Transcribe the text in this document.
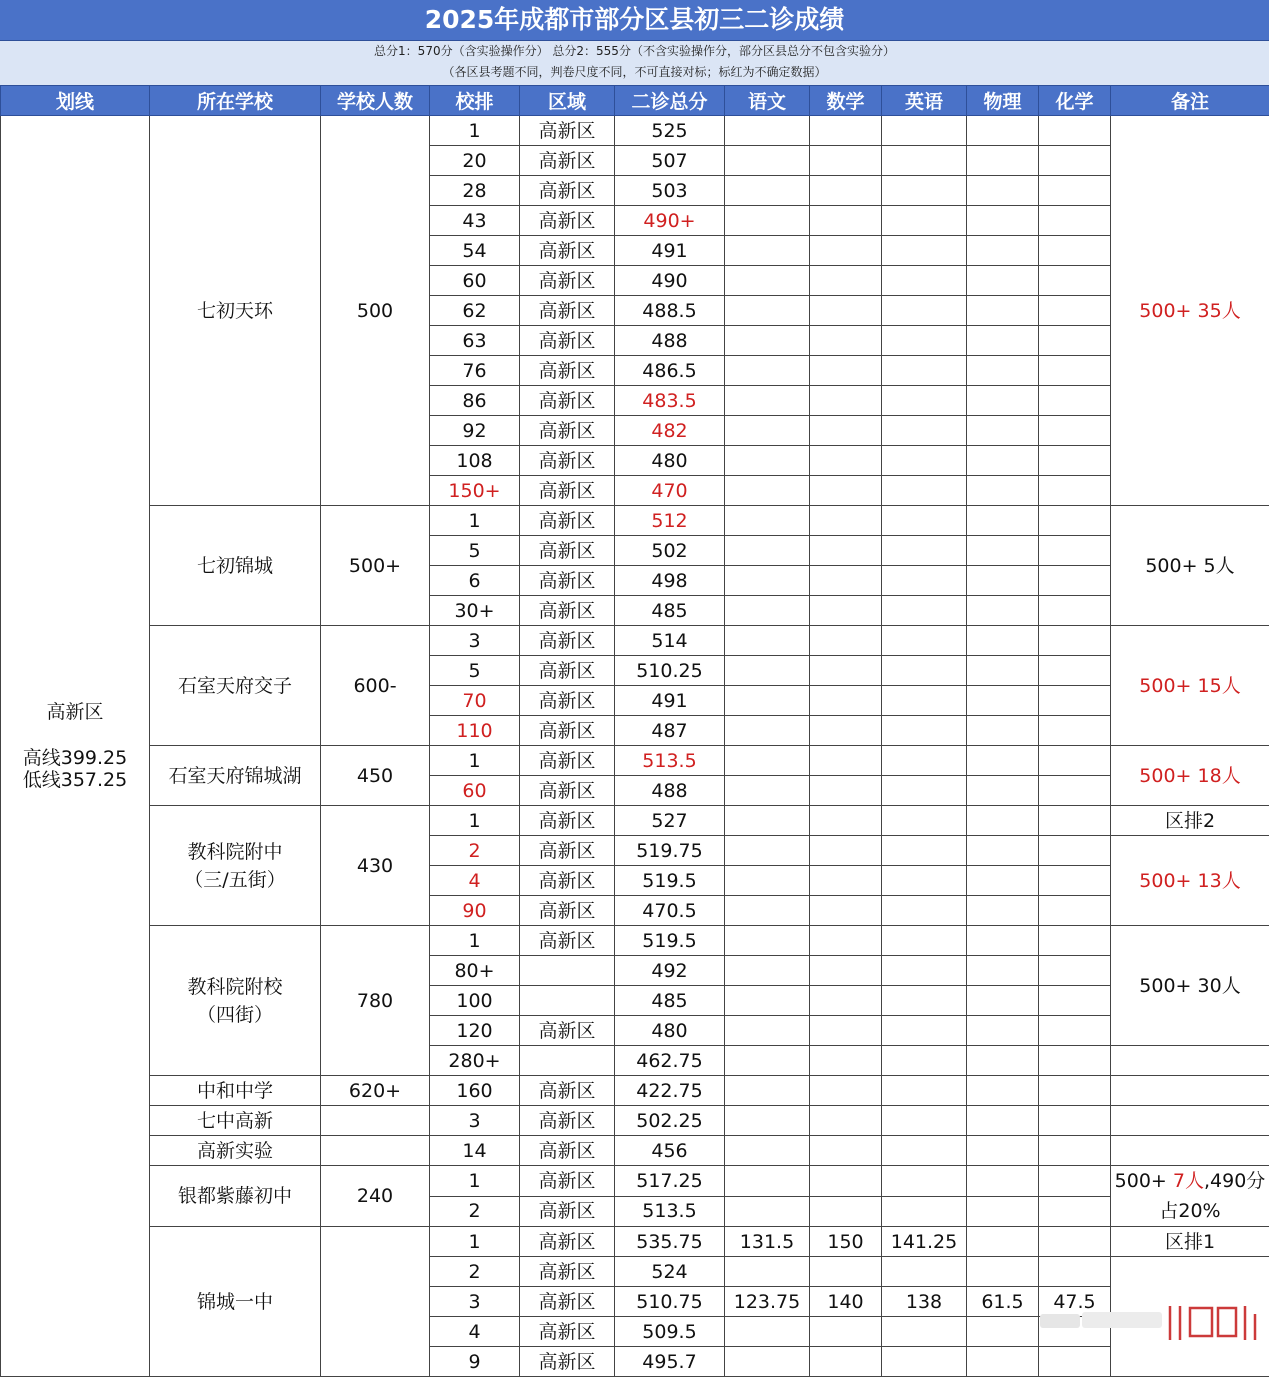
2025年成都市部分区县初三二诊成绩
总分1：570分（含实验操作分） 总分2：555分（不含实验操作分，部分区县总分不包含实验分）
（各区县考题不同，判卷尺度不同，不可直接对标；标红为不确定数据）
划线	所在学校	学校人数	校排	区域	二诊总分	语文	数学	英语	物理	化学	备注

高新区
高线399.25
低线357.25	七初天环	500	1	高新区	525						500+ 35人
			20	高新区	507						
			28	高新区	503						
			43	高新区	490+						
			54	高新区	491						
			60	高新区	490						
			62	高新区	488.5						
			63	高新区	488						
			76	高新区	486.5						
			86	高新区	483.5						
			92	高新区	482						
			108	高新区	480						
			150+	高新区	470						

	七初锦城	500+	1	高新区	512						500+ 5人
			5	高新区	502						
			6	高新区	498						
			30+	高新区	485						

	石室天府交子	600-	3	高新区	514						500+ 15人
			5	高新区	510.25						
			70	高新区	491						
			110	高新区	487						

	石室天府锦城湖	450	1	高新区	513.5						500+ 18人
			60	高新区	488						

	教科院附中
（三/五街）	430	1	高新区	527						区排2
			2	高新区	519.75						500+ 13人
			4	高新区	519.5						
			90	高新区	470.5						

	教科院附校
（四街）	780	1	高新区	519.5						500+ 30人
			80+		492						
			100		485						
			120	高新区	480						
			280+		462.75						

	中和中学	620+	160	高新区	422.75						

	七中高新		3	高新区	502.25						

	高新实验		14	高新区	456						

	银都紫藤初中	240	1	高新区	517.25						500+ 7人,490分占20%
			2	高新区	513.5						

	锦城一中		1	高新区	535.75	131.5	150	141.25			区排1
			2	高新区	524						
			3	高新区	510.75	123.75	140	138	61.5	47.5	
			4	高新区	509.5						
			9	高新区	495.7						
